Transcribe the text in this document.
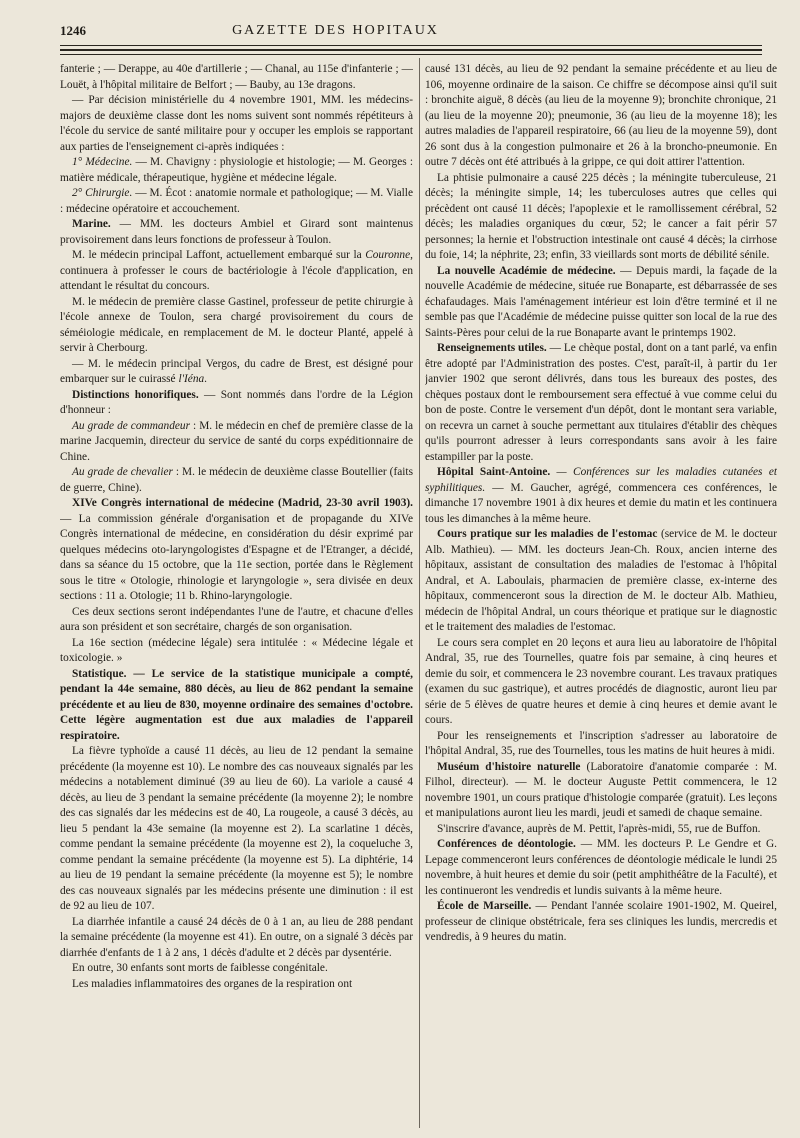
1246	GAZETTE DES HOPITAUX

fanterie ; — Derappe, au 40e d'artillerie ; — Chanal, au 115e d'infanterie ; — Louët, à l'hôpital militaire de Belfort ; — Bauby, au 13e dragons.

— Par décision ministérielle du 4 novembre 1901, MM. les médecins-majors de deuxième classe dont les noms suivent sont nommés répétiteurs à l'école du service de santé militaire pour y occuper les emplois se rapportant aux parties de l'enseignement ci-après indiquées :

1° Médecine. — M. Chavigny : physiologie et histologie; — M. Georges : matière médicale, thérapeutique, hygiène et médecine légale.

2° Chirurgie. — M. Écot : anatomie normale et pathologique; — M. Vialle : médecine opératoire et accouchement.

Marine. — MM. les docteurs Ambiel et Girard sont maintenus provisoirement dans leurs fonctions de professeur à Toulon.

M. le médecin principal Laffont, actuellement embarqué sur la Couronne, continuera à professer le cours de bactériologie à l'école d'application, en attendant le résultat du concours.

M. le médecin de première classe Gastinel, professeur de petite chirurgie à l'école annexe de Toulon, sera chargé provisoirement du cours de séméiologie médicale, en remplacement de M. le docteur Planté, appelé à servir à Cherbourg.

— M. le médecin principal Vergos, du cadre de Brest, est désigné pour embarquer sur le cuirassé l'Iéna.

Distinctions honorifiques. — Sont nommés dans l'ordre de la Légion d'honneur :

Au grade de commandeur : M. le médecin en chef de première classe de la marine Jacquemin, directeur du service de santé du corps expéditionnaire de Chine.

Au grade de chevalier : M. le médecin de deuxième classe Boutellier (faits de guerre, Chine).

XIVe Congrès international de médecine (Madrid, 23-30 avril 1903). — La commission générale d'organisation et de propagande du XIVe Congrès international de médecine, en considération du désir exprimé par quelques médecins oto-laryngologistes d'Espagne et de l'Etranger, a décidé, dans sa séance du 15 octobre, que la 11e section, portée dans le Règlement sous le titre « Otologie, rhinologie et laryngologie », sera divisée en deux sections : 11 a. Otologie; 11 b. Rhino-laryngologie.

Ces deux sections seront indépendantes l'une de l'autre, et chacune d'elles aura son président et son secrétaire, chargés de son organisation.

La 16e section (médecine légale) sera intitulée : « Médecine légale et toxicologie. »

Statistique. — Le service de la statistique municipale a compté, pendant la 44e semaine, 880 décès, au lieu de 862 pendant la semaine précédente et au lieu de 830, moyenne ordinaire des semaines d'octobre. Cette légère augmentation est due aux maladies de l'appareil respiratoire.

La fièvre typhoïde a causé 11 décès, au lieu de 12 pendant la semaine précédente (la moyenne est 10). Le nombre des cas nouveaux signalés par les médecins a notablement diminué (39 au lieu de 60). La variole a causé 4 décès, au lieu de 3 pendant la semaine précédente (la moyenne 2); le nombre des cas signalés dar les médecins est de 40, La rougeole, a causé 3 décès, au lieu 5 pendant la 43e semaine (la moyenne est 2). La scarlatine 1 décès, comme pendant la semaine précédente (la moyenne est 2), la coqueluche 3, comme pendant la semaine précédente (la moyenne est 5). La diphtérie, 14 au lieu de 19 pendant la semaine précédente (la moyenne est 5); le nombre des cas nouveaux signalés par les médecins présente une diminution : il est de 92 au lieu de 107.

La diarrhée infantile a causé 24 décès de 0 à 1 an, au lieu de 288 pendant la semaine précédente (la moyenne est 41). En outre, on a signalé 3 décès par diarrhée d'enfants de 1 à 2 ans, 1 décès d'adulte et 2 décès par dysentérie.

En outre, 30 enfants sont morts de faiblesse congénitale.

Les maladies inflammatoires des organes de la respiration ont

causé 131 décès, au lieu de 92 pendant la semaine précédente et au lieu de 106, moyenne ordinaire de la saison. Ce chiffre se décompose ainsi qu'il suit : bronchite aiguë, 8 décès (au lieu de la moyenne 9); bronchite chronique, 21 (au lieu de la moyenne 20); pneumonie, 36 (au lieu de la moyenne 18); les autres maladies de l'appareil respiratoire, 66 (au lieu de la moyenne 59), dont 26 sont dus à la congestion pulmonaire et 26 à la broncho-pneumonie. En outre 7 décès ont été attribués à la grippe, ce qui doit attirer l'attention.

La phtisie pulmonaire a causé 225 décès ; la méningite tuberculeuse, 21 décès; la méningite simple, 14; les tuberculoses autres que celles qui précèdent ont causé 11 décès; l'apoplexie et le ramollissement cérébral, 52 décès; les maladies organiques du cœur, 52; le cancer a fait périr 57 personnes; la hernie et l'obstruction intestinale ont causé 4 décès; la cirrhose du foie, 14; la néphrite, 23; enfin, 33 vieillards sont morts de débilité sénile.

La nouvelle Académie de médecine. — Depuis mardi, la façade de la nouvelle Académie de médecine, située rue Bonaparte, est débarrassée de ses échafaudages. Mais l'aménagement intérieur est loin d'être terminé et il ne semble pas que l'Académie de médecine puisse quitter son local de la rue des Saints-Pères pour celui de la rue Bonaparte avant le printemps 1902.

Renseignements utiles. — Le chèque postal, dont on a tant parlé, va enfin être adopté par l'Administration des postes. C'est, paraît-il, à partir du 1er janvier 1902 que seront délivrés, dans tous les bureaux des postes, des chèques postaux dont le remboursement sera effectué à vue comme celui du bon de poste. Contre le versement d'un dépôt, dont le montant sera variable, on recevra un carnet à souche permettant aux titulaires d'établir des chèques qu'ils pourront adresser à leurs correspondants sans avoir à les faire estampiller par la poste.

Hôpital Saint-Antoine. — Conférences sur les maladies cutanées et syphilitiques. — M. Gaucher, agrégé, commencera ces conférences, le dimanche 17 novembre 1901 à dix heures et demie du matin et les continuera tous les dimanches à la même heure.

Cours pratique sur les maladies de l'estomac (service de M. le docteur Alb. Mathieu). — MM. les docteurs Jean-Ch. Roux, ancien interne des hôpitaux, assistant de consultation des maladies de l'estomac à l'hôpital Andral, et A. Laboulais, pharmacien de première classe, ex-interne des hôpitaux, commenceront sous la direction de M. le docteur Alb. Mathieu, médecin de l'hôpital Andral, un cours théorique et pratique sur le diagnostic et le traitement des maladies de l'estomac.

Le cours sera complet en 20 leçons et aura lieu au laboratoire de l'hôpital Andral, 35, rue des Tournelles, quatre fois par semaine, à cinq heures et demie du soir, et commencera le 23 novembre courant. Les travaux pratiques (examen du suc gastrique), et autres procédés de diagnostic, auront lieu par série de 5 élèves de quatre heures et demie à cinq heures et demie avant le cours.

Pour les renseignements et l'inscription s'adresser au laboratoire de l'hôpital Andral, 35, rue des Tournelles, tous les matins de huit heures à midi.

Muséum d'histoire naturelle (Laboratoire d'anatomie comparée : M. Filhol, directeur). — M. le docteur Auguste Pettit commencera, le 12 novembre 1901, un cours pratique d'histologie comparée (gratuit). Les leçons et manipulations auront lieu les mardi, jeudi et samedi de chaque semaine.

S'inscrire d'avance, auprès de M. Pettit, l'après-midi, 55, rue de Buffon.

Conférences de déontologie. — MM. les docteurs P. Le Gendre et G. Lepage commenceront leurs conférences de déontologie médicale le lundi 25 novembre, à huit heures et demie du soir (petit amphithéâtre de la Faculté), et les continueront les vendredis et lundis suivants à la même heure.

École de Marseille. — Pendant l'année scolaire 1901-1902, M. Queirel, professeur de clinique obstétricale, fera ses cliniques les lundis, mercredis et vendredis, à 9 heures du matin.
